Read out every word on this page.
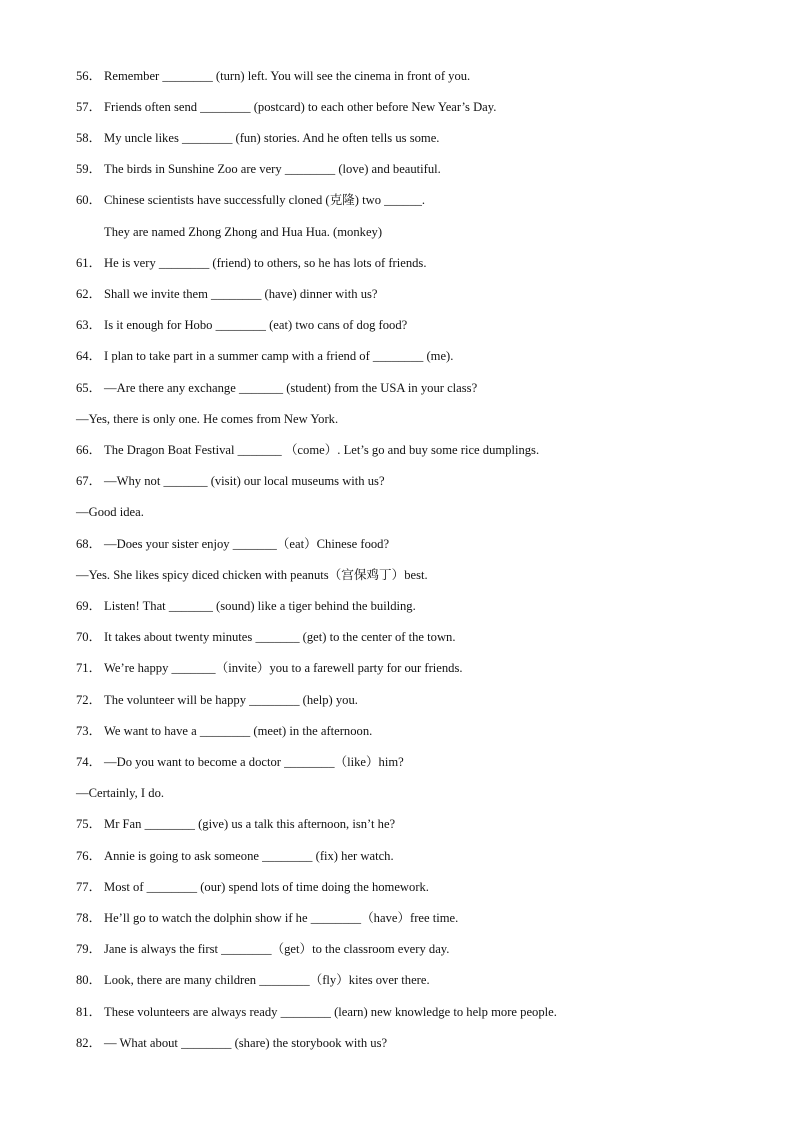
56． Remember ________ (turn) left. You will see the cinema in front of you.
57． Friends often send ________ (postcard) to each other before New Year’s Day.
58． My uncle likes ________ (fun) stories. And he often tells us some.
59． The birds in Sunshine Zoo are very ________ (love) and beautiful.
60． Chinese scientists have successfully cloned (克隆) two ______.
They are named Zhong Zhong and Hua Hua. (monkey)
61． He is very ________ (friend) to others, so he has lots of friends.
62． Shall we invite them ________ (have) dinner with us?
63． Is it enough for Hobo ________ (eat) two cans of dog food?
64． I plan to take part in a summer camp with a friend of ________ (me).
65． —Are there any exchange _______ (student) from the USA in your class?
—Yes, there is only one. He comes from New York.
66． The Dragon Boat Festival _______ （come）. Let’s go and buy some rice dumplings.
67． —Why not _______ (visit) our local museums with us?
—Good idea.
68． —Does your sister enjoy _______（eat）Chinese food?
—Yes. She likes spicy diced chicken with peanuts（宫保鸡丁）best.
69． Listen! That _______ (sound) like a tiger behind the building.
70． It takes about twenty minutes _______ (get) to the center of the town.
71． We’re happy _______（invite）you to a farewell party for our friends.
72． The volunteer will be happy ________ (help) you.
73． We want to have a ________ (meet) in the afternoon.
74． —Do you want to become a doctor ________（like）him?
—Certainly, I do.
75． Mr Fan ________ (give) us a talk this afternoon, isn’t he?
76． Annie is going to ask someone ________ (fix) her watch.
77． Most of ________ (our) spend lots of time doing the homework.
78． He’ll go to watch the dolphin show if he ________（have）free time.
79． Jane is always the first ________（get）to the classroom every day.
80． Look, there are many children ________（fly）kites over there.
81． These volunteers are always ready ________ (learn) new knowledge to help more people.
82． — What about ________ (share) the storybook with us?
